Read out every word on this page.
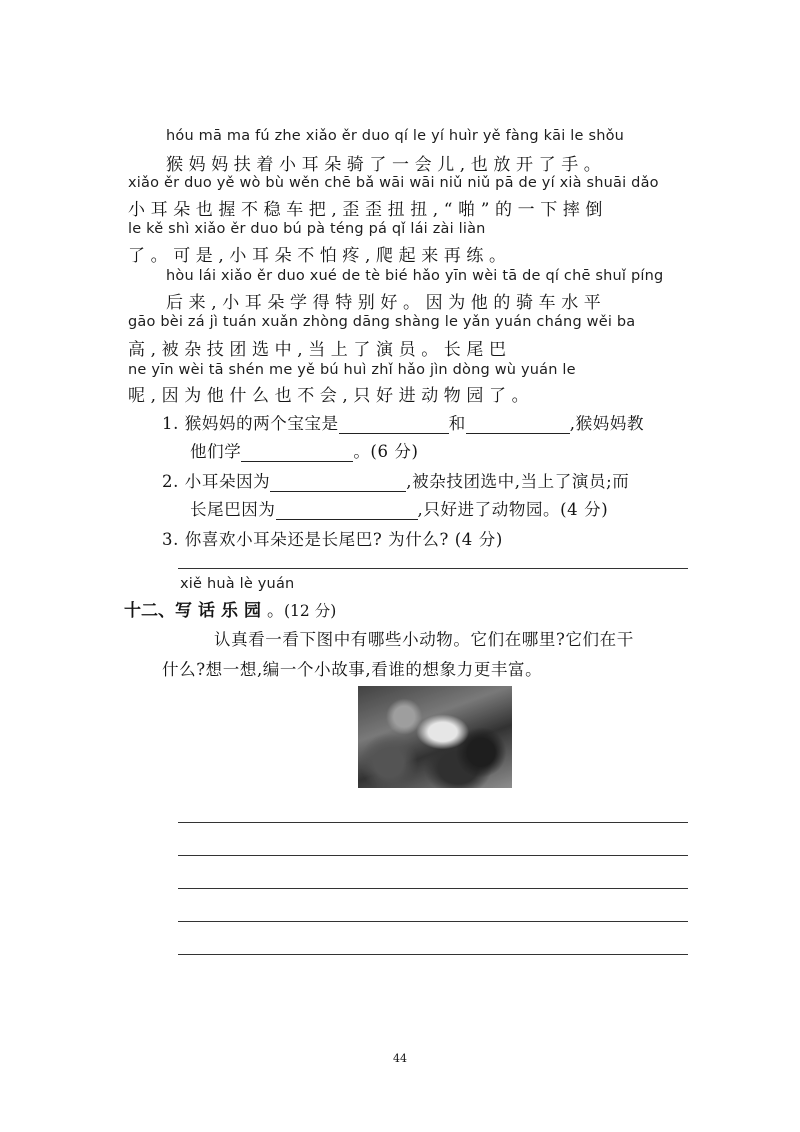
hóu mā ma fú zhe xiǎo ěr duo qí le yí huìr yě fàng kāi le shǒu
猴妈妈扶着小耳朵骑了一会儿,也放开了手。
xiǎo ěr duo yě wò bù wěn chē bǎ wāi wāi niǔ niǔ pā de yí xià shuāi dǎo
小耳朵也握不稳车把,歪歪扭扭,“啪”的一下摔倒
le kě shì xiǎo ěr duo bú pà téng pá qǐ lái zài liàn
了。可是,小耳朵不怕疼,爬起来再练。
hòu lái xiǎo ěr duo xué de tè bié hǎo yīn wèi tā de qí chē shuǐ píng
后来,小耳朵学得特别好。因为他的骑车水平
gāo bèi zá jì tuán xuǎn zhòng dāng shàng le yǎn yuán cháng wěi ba
高,被杂技团选中,当上了演员。长尾巴
ne yīn wèi tā shén me yě bú huì zhǐ hǎo jìn dòng wù yuán le
呢,因为他什么也不会,只好进动物园了。
1. 猴妈妈的两个宝宝是	和	,猴妈妈教
他们学	。(6 分)
2. 小耳朵因为	,被杂技团选中,当上了演员;而
长尾巴因为	,只好进了动物园。(4 分)
3. 你喜欢小耳朵还是长尾巴? 为什么? (4 分)
xiě huà lè yuán
十二、写话乐园。(12 分)
认真看一看下图中有哪些小动物。它们在哪里?它们在干
什么?想一想,编一个小故事,看谁的想象力更丰富。
44
